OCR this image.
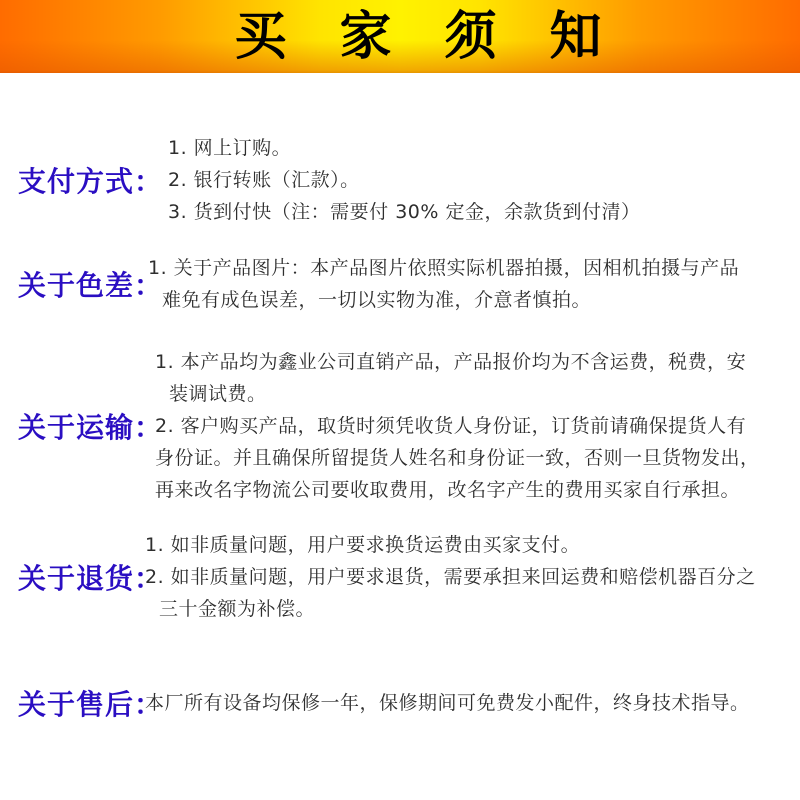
买 家 须 知
支付方式：
1. 网上订购。
2. 银行转账（汇款）。
3. 货到付快（注：需要付 30% 定金，余款货到付清）
关于色差：
1. 关于产品图片：本产品图片依照实际机器拍摄，因相机拍摄与产品
难免有成色误差，一切以实物为准，介意者慎拍。
关于运输：
1. 本产品均为鑫业公司直销产品，产品报价均为不含运费，税费，安
装调试费。
2. 客户购买产品，取货时须凭收货人身份证，订货前请确保提货人有
身份证。并且确保所留提货人姓名和身份证一致，否则一旦货物发出，
再来改名字物流公司要收取费用，改名字产生的费用买家自行承担。
关于退货：
1. 如非质量问题，用户要求换货运费由买家支付。
2. 如非质量问题，用户要求退货，需要承担来回运费和赔偿机器百分之
三十金额为补偿。
关于售后：
本厂所有设备均保修一年，保修期间可免费发小配件，终身技术指导。
